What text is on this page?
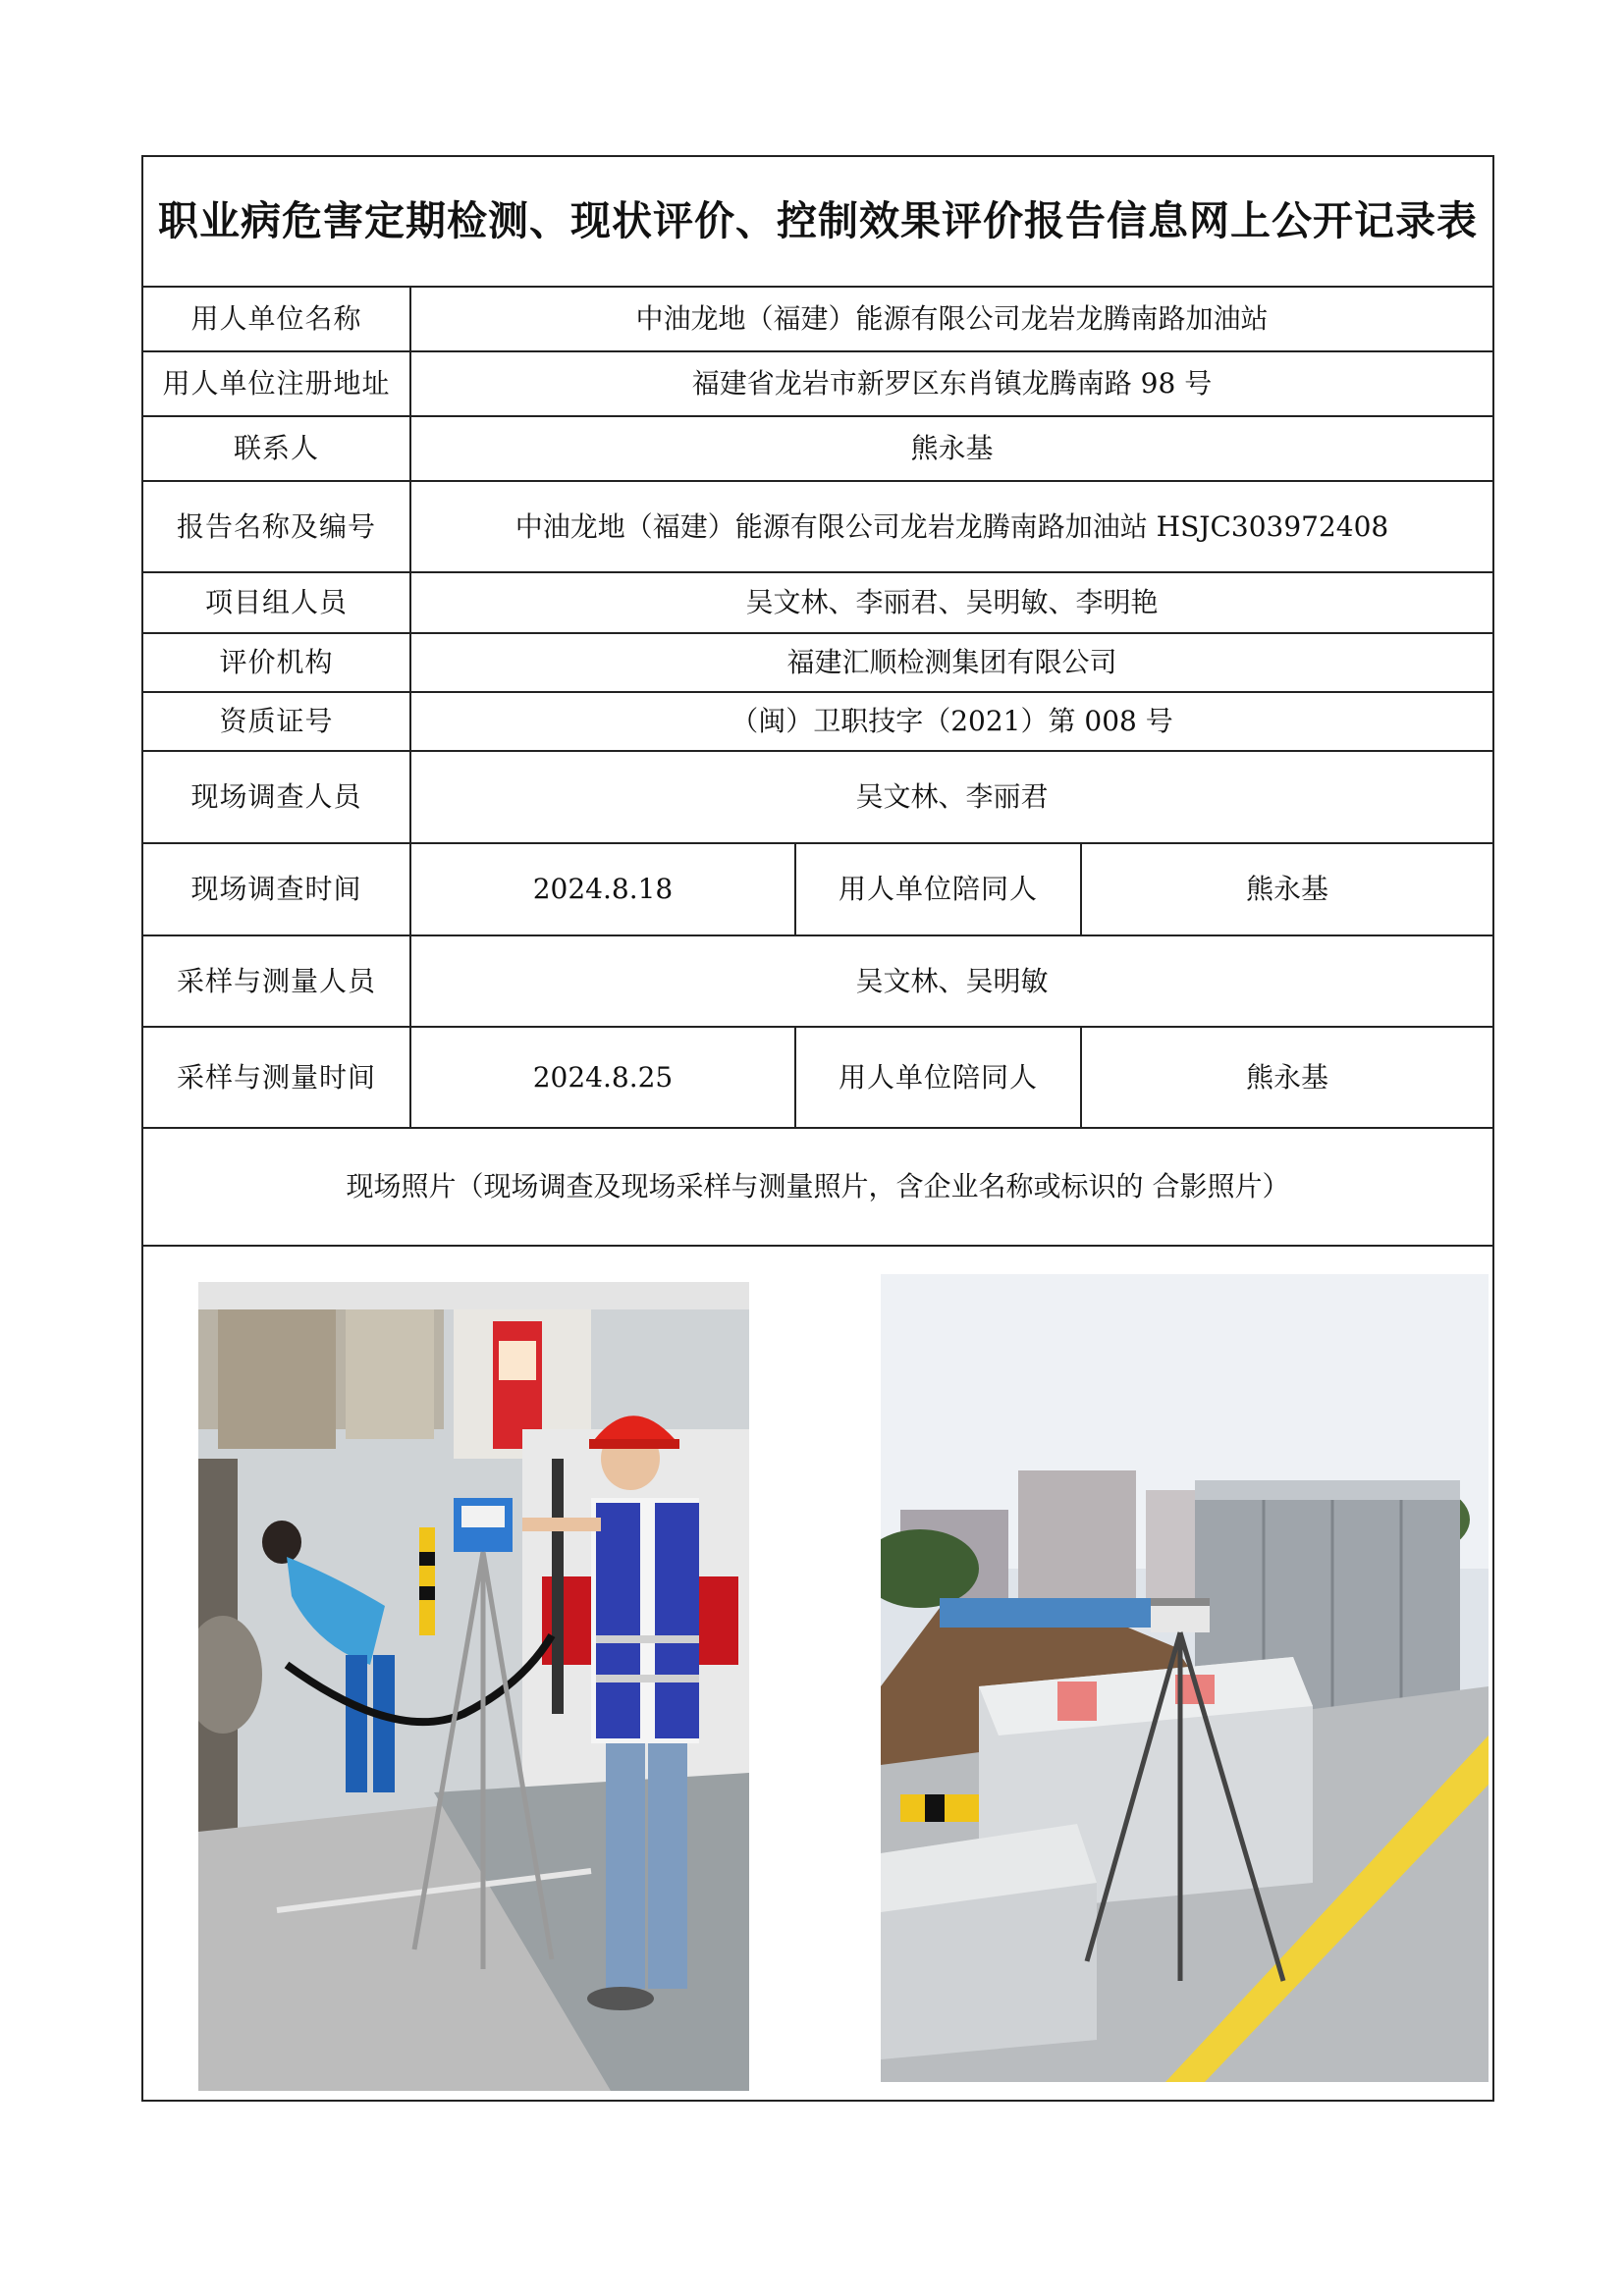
职业病危害定期检测、现状评价、控制效果评价报告信息网上公开记录表			
用人单位名称	中油龙地（福建）能源有限公司龙岩龙腾南路加油站		
用人单位注册地址	福建省龙岩市新罗区东肖镇龙腾南路 98 号		
联系人	熊永基		
报告名称及编号	中油龙地（福建）能源有限公司龙岩龙腾南路加油站 HSJC303972408		
项目组人员	吴文林、李丽君、吴明敏、李明艳		
评价机构	福建汇顺检测集团有限公司		
资质证号	（闽）卫职技字（2021）第 008 号		
现场调查人员	吴文林、李丽君		
现场调查时间	2024.8.18	用人单位陪同人	熊永基
采样与测量人员	吴文林、吴明敏		
采样与测量时间	2024.8.25	用人单位陪同人	熊永基
现场照片（现场调查及现场采样与测量照片，含企业名称或标识的 合影照片）			
